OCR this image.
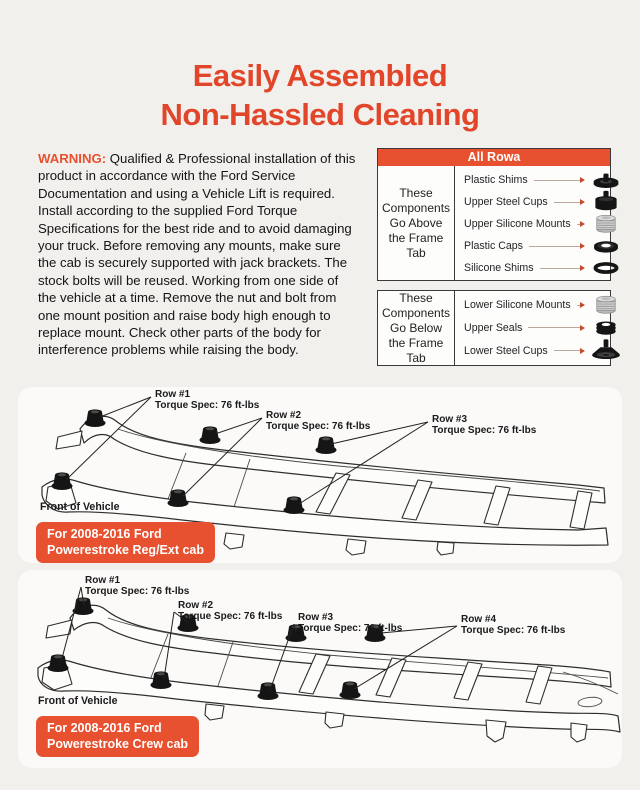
Easily Assembled
Non-Hassled Cleaning
WARNING: Qualified & Professional installation of this product in accordance with the Ford Service Documentation and using a Vehicle Lift is required. Install according to the supplied Ford Torque Specifications for the best ride and to avoid damaging your truck. Before removing any mounts, make sure the cab is securely supported with jack brackets. The stock bolts will be reused. Working from one side of the vehicle at a time. Remove the nut and bolt from one mount position and raise body high enough to replace mount. Check other parts of the body for interference problems while raising the body.
All Rowa
These Components Go Above the Frame Tab
Plastic Shims
Upper Steel Cups
Upper Silicone Mounts
Plastic Caps
Silicone Shims
These Components Go Below the Frame Tab
Lower Silicone Mounts
Upper Seals
Lower Steel Cups
Row #1
Torque Spec: 76 ft-lbs
Row #2
Torque Spec: 76 ft-lbs
Row #3
Torque Spec: 76 ft-lbs
Front of Vehicle
For 2008-2016 Ford
Powerestroke Reg/Ext cab
Row #1
Torque Spec: 76 ft-lbs
Row #2
Torque Spec: 76 ft-lbs Row #3
Torque Spec: 76 ft-lbs
Row #4
Torque Spec: 76 ft-lbs
Front of Vehicle
For 2008-2016 Ford
Powerestroke Crew cab
